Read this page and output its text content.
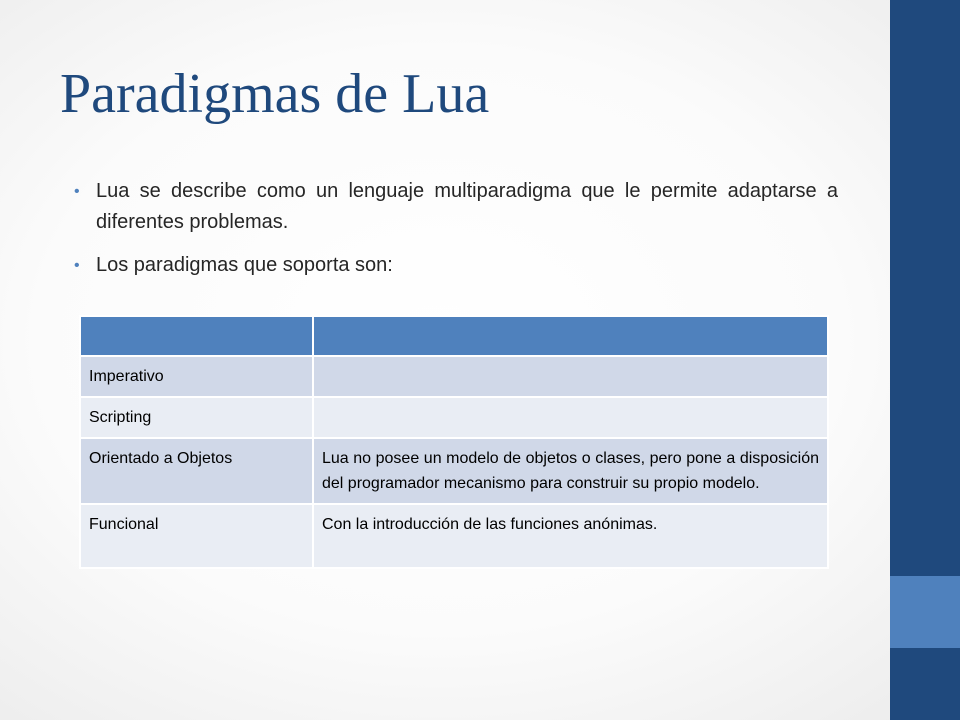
Paradigmas de Lua
• Lua se describe como un lenguaje multiparadigma que le permite adaptarse a diferentes problemas.
• Los paradigmas que soporta son:

Imperativo	
Scripting	
Orientado a Objetos	Lua no posee un modelo de objetos o clases, pero pone a disposición del programador mecanismo para construir su propio modelo.
Funcional	Con la introducción de las funciones anónimas.
